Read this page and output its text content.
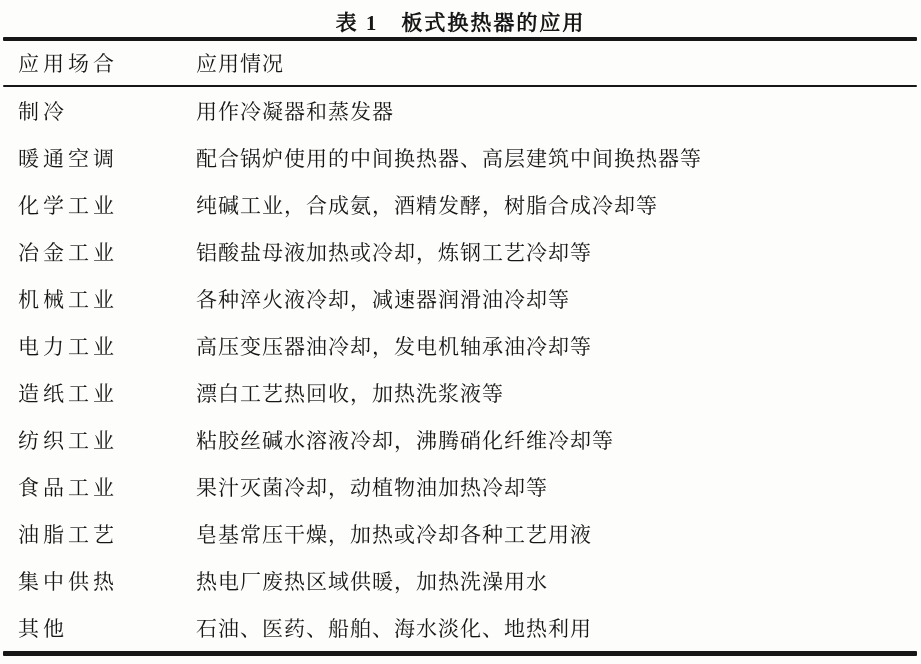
表 1　板式换热器的应用
应用场合	应用情况
制冷	用作冷凝器和蒸发器
暖通空调	配合锅炉使用的中间换热器、高层建筑中间换热器等
化学工业	纯碱工业，合成氨，酒精发酵，树脂合成冷却等
冶金工业	铝酸盐母液加热或冷却，炼钢工艺冷却等
机械工业	各种淬火液冷却，减速器润滑油冷却等
电力工业	高压变压器油冷却，发电机轴承油冷却等
造纸工业	漂白工艺热回收，加热洗浆液等
纺织工业	粘胶丝碱水溶液冷却，沸腾硝化纤维冷却等
食品工业	果汁灭菌冷却，动植物油加热冷却等
油脂工艺	皂基常压干燥，加热或冷却各种工艺用液
集中供热	热电厂废热区域供暖，加热洗澡用水
其他	石油、医药、船舶、海水淡化、地热利用
